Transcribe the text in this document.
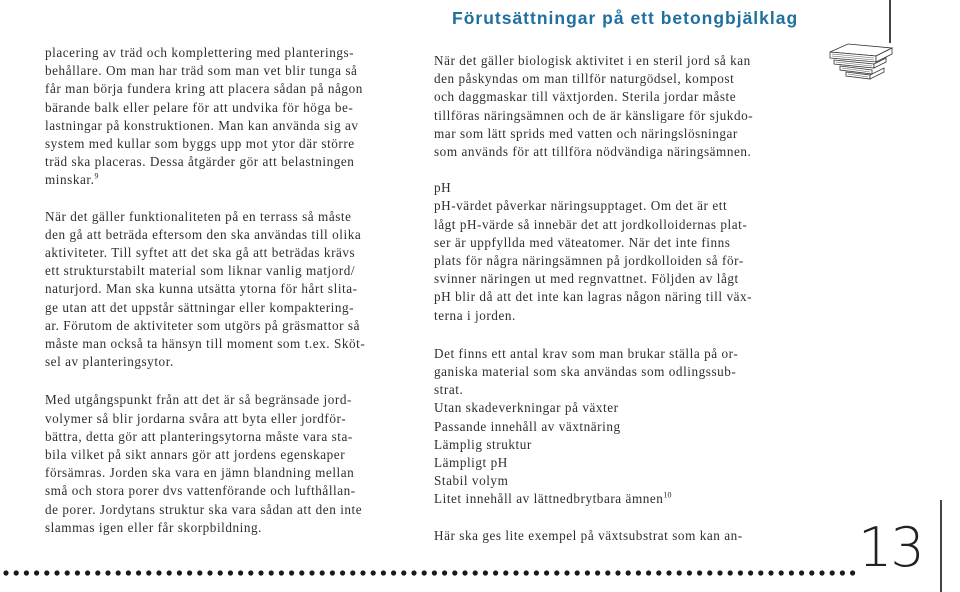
Förutsättningar på ett betongbjälklag

placering av träd och komplettering med planterings-

behållare. Om man har träd som man vet blir tunga så

får man börja fundera kring att placera sådan på någon

bärande balk eller pelare för att undvika för höga be-

lastningar på konstruktionen. Man kan använda sig av

system med kullar som byggs upp mot ytor där större

träd ska placeras. Dessa åtgärder gör att belastningen

minskar.$^9$

När det gäller funktionaliteten på en terrass så måste

den gå att beträda eftersom den ska användas till olika

aktiviteter. Till syftet att det ska gå att beträdas krävs

ett strukturstabilt material som liknar vanlig matjord/

naturjord. Man ska kunna utsätta ytorna för hårt slita-

ge utan att det uppstår sättningar eller kompaktering-

ar. Förutom de aktiviteter som utgörs på gräsmattor så

måste man också ta hänsyn till moment som t.ex. Sköt-

sel av planteringsytor.

Med utgångspunkt från att det är så begränsade jord-

volymer så blir jordarna svåra att byta eller jordför-

bättra, detta gör att planteringsytorna måste vara sta-

bila vilket på sikt annars gör att jordens egenskaper

försämras. Jorden ska vara en jämn blandning mellan

små och stora porer dvs vattenförande och lufthållan-

de porer. Jordytans struktur ska vara sådan att den inte

slammas igen eller får skorpbildning.

När det gäller biologisk aktivitet i en steril jord så kan

den påskyndas om man tillför naturgödsel, kompost

och daggmaskar till växtjorden. Sterila jordar måste

tillföras näringsämnen och de är känsligare för sjukdo-

mar som lätt sprids med vatten och näringslösningar

som används för att tillföra nödvändiga näringsämnen.

pH

pH-värdet påverkar näringsupptaget. Om det är ett

lågt pH-värde så innebär det att jordkolloidernas plat-

ser är uppfyllda med väteatomer. När det inte finns

plats för några näringsämnen på jordkolloiden så för-

svinner näringen ut med regnvattnet. Följden av lågt

pH blir då att det inte kan lagras någon näring till väx-

terna i jorden.

Det finns ett antal krav som man brukar ställa på or-

ganiska material som ska användas som odlingssub-

strat.

Utan skadeverkningar på växter

Passande innehåll av växtnäring

Lämplig struktur

Lämpligt pH

Stabil volym

Litet innehåll av lättnedbrytbara ämnen$^{10}$

Här ska ges lite exempel på växtsubstrat som kan an-	13
